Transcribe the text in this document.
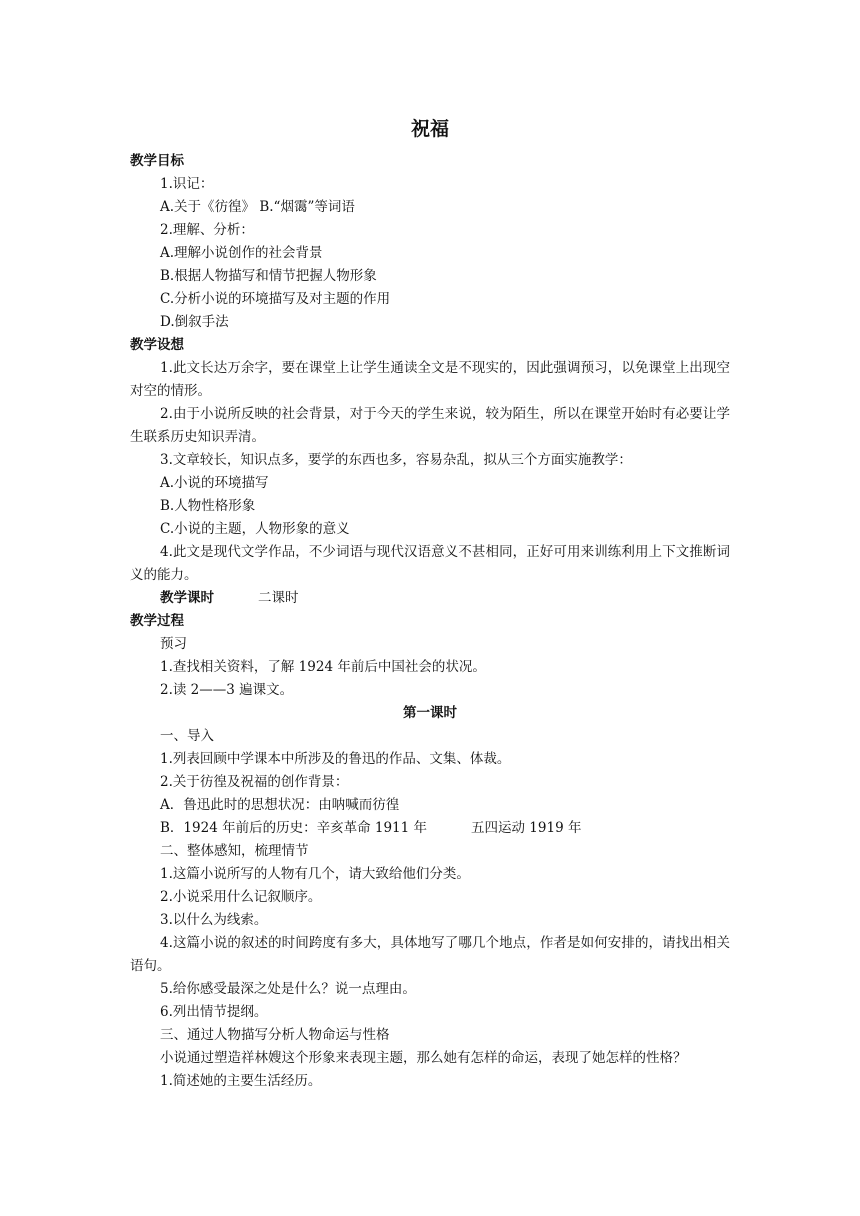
祝福
教学目标
1.识记：
A.关于《彷徨》 B.“烟霭”等词语
2.理解、分析：
A.理解小说创作的社会背景
B.根据人物描写和情节把握人物形象
C.分析小说的环境描写及对主题的作用
D.倒叙手法
教学设想
1.此文长达万余字，要在课堂上让学生通读全文是不现实的，因此强调预习，以免课堂上出现空对空的情形。
2.由于小说所反映的社会背景，对于今天的学生来说，较为陌生，所以在课堂开始时有必要让学生联系历史知识弄清。
3.文章较长，知识点多，要学的东西也多，容易杂乱，拟从三个方面实施教学：
A.小说的环境描写
B.人物性格形象
C.小说的主题，人物形象的意义
4.此文是现代文学作品，不少词语与现代汉语意义不甚相同，正好可用来训练利用上下文推断词义的能力。
教学课时	二课时
教学过程
预习
1.查找相关资料，了解 1924 年前后中国社会的状况。
2.读 2——3 遍课文。
第一课时
一、导入
1.列表回顾中学课本中所涉及的鲁迅的作品、文集、体裁。
2.关于彷徨及祝福的创作背景：
A．鲁迅此时的思想状况：由呐喊而彷徨
B．1924 年前后的历史：辛亥革命 1911 年	五四运动 1919 年
二、整体感知，梳理情节
1.这篇小说所写的人物有几个，请大致给他们分类。
2.小说采用什么记叙顺序。
3.以什么为线索。
4.这篇小说的叙述的时间跨度有多大，具体地写了哪几个地点，作者是如何安排的，请找出相关语句。
5.给你感受最深之处是什么？说一点理由。
6.列出情节提纲。
三、通过人物描写分析人物命运与性格
小说通过塑造祥林嫂这个形象来表现主题，那么她有怎样的命运，表现了她怎样的性格？
1.简述她的主要生活经历。
